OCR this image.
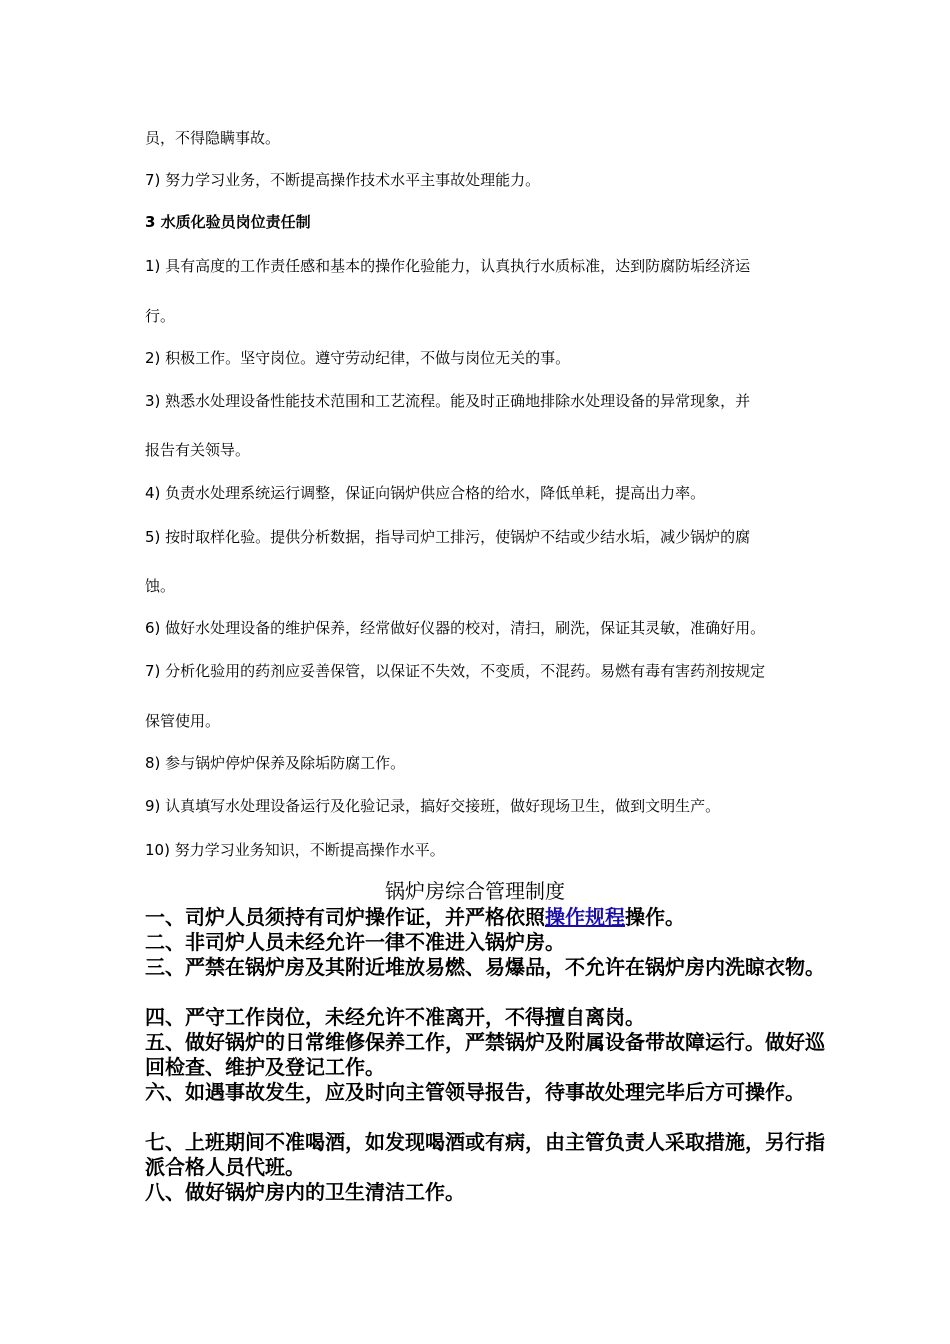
员，不得隐瞒事故。
7) 努力学习业务，不断提高操作技术水平主事故处理能力。
3 水质化验员岗位责任制
1) 具有高度的工作责任感和基本的操作化验能力，认真执行水质标准，达到防腐防垢经济运
行。
2) 积极工作。坚守岗位。遵守劳动纪律，不做与岗位无关的事。
3) 熟悉水处理设备性能技术范围和工艺流程。能及时正确地排除水处理设备的异常现象，并
报告有关领导。
4) 负责水处理系统运行调整，保证向锅炉供应合格的给水，降低单耗，提高出力率。
5) 按时取样化验。提供分析数据，指导司炉工排污，使锅炉不结或少结水垢，减少锅炉的腐
蚀。
6) 做好水处理设备的维护保养，经常做好仪器的校对，清扫，刷洗，保证其灵敏，准确好用。
7) 分析化验用的药剂应妥善保管，以保证不失效，不变质，不混药。易燃有毒有害药剂按规定
保管使用。
8) 参与锅炉停炉保养及除垢防腐工作。
9) 认真填写水处理设备运行及化验记录，搞好交接班，做好现场卫生，做到文明生产。
10) 努力学习业务知识，不断提高操作水平。
锅炉房综合管理制度
一、司炉人员须持有司炉操作证，并严格依照操作规程操作。
二、非司炉人员未经允许一律不准进入锅炉房。
三、严禁在锅炉房及其附近堆放易燃、易爆品，不允许在锅炉房内洗晾衣物。
四、严守工作岗位，未经允许不准离开，不得擅自离岗。
五、做好锅炉的日常维修保养工作，严禁锅炉及附属设备带故障运行。做好巡回检查、维护及登记工作。
六、如遇事故发生，应及时向主管领导报告，待事故处理完毕后方可操作。
七、上班期间不准喝酒，如发现喝酒或有病，由主管负责人采取措施，另行指派合格人员代班。
八、做好锅炉房内的卫生清洁工作。
